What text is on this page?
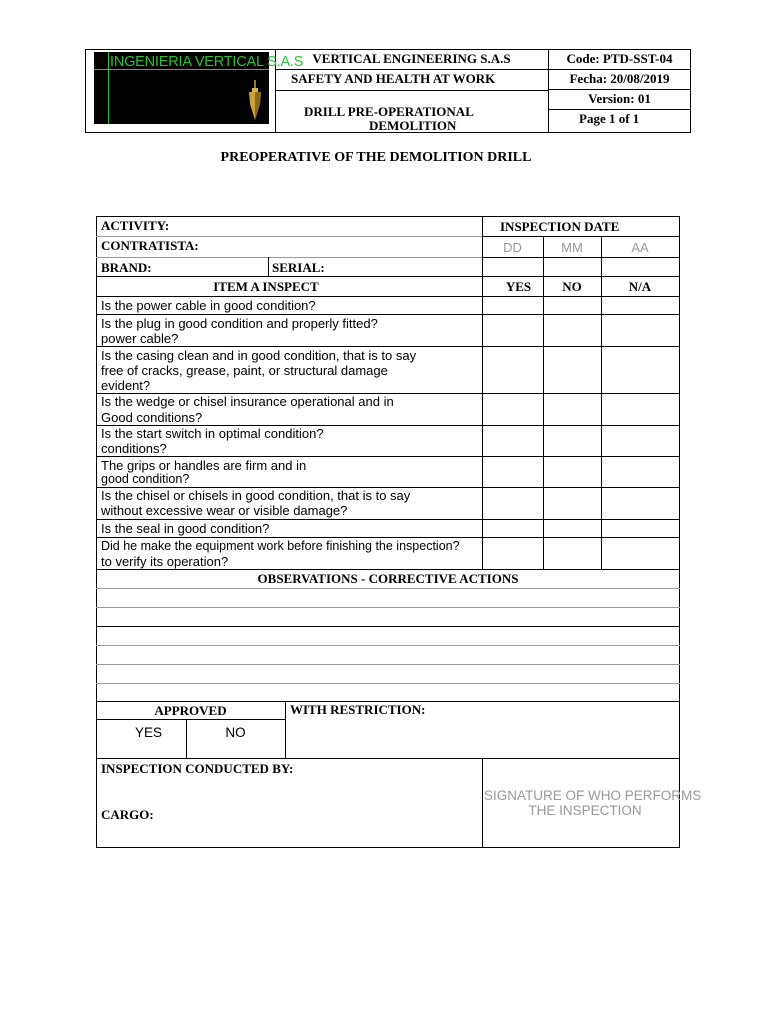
INGENIERIA VERTICAL S.A.S VERTICAL ENGINEERING S.A.S
SAFETY AND HEALTH AT WORK
DRILL PRE-OPERATIONAL
DEMOLITION
Code: PTD-SST-04
Fecha: 20/08/2019
Version: 01
Page 1 of 1
PREOPERATIVE OF THE DEMOLITION DRILL
ACTIVITY:
CONTRATISTA:
BRAND:	SERIAL:
INSPECTION DATE
DD	MM	AA
ITEM A INSPECT	YES	NO	N/A
Is the power cable in good condition?
Is the plug in good condition and properly fitted?
power cable?
Is the casing clean and in good condition, that is to say
free of cracks, grease, paint, or structural damage
evident?
Is the wedge or chisel insurance operational and in
Good conditions?
Is the start switch in optimal condition?
conditions?
The grips or handles are firm and in
good condition?
Is the chisel or chisels in good condition, that is to say
without excessive wear or visible damage?
Is the seal in good condition?
Did he make the equipment work before finishing the inspection?
to verify its operation?
OBSERVATIONS - CORRECTIVE ACTIONS
APPROVED
YES	NO
WITH RESTRICTION:
INSPECTION CONDUCTED BY:
CARGO:
SIGNATURE OF WHO PERFORMS
THE INSPECTION
